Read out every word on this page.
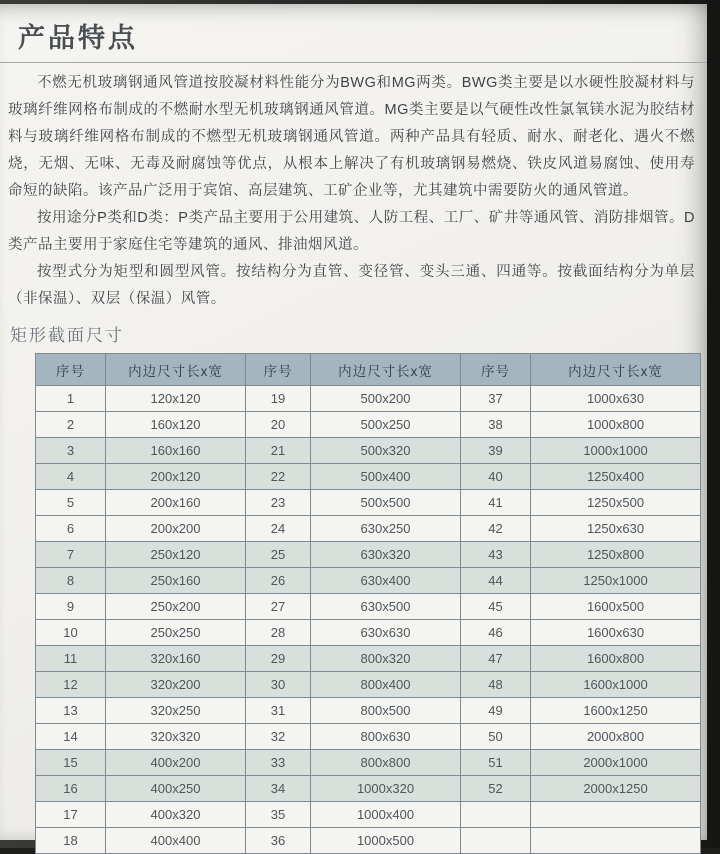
产品特点

不燃无机玻璃钢通风管道按胶凝材料性能分为BWG和MG两类。BWG类主要是以水硬性胶凝材料与玻璃纤维网格布制成的不燃耐水型无机玻璃钢通风管道。MG类主要是以气硬性改性氯氧镁水泥为胶结材料与玻璃纤维网格布制成的不燃型无机玻璃钢通风管道。两种产品具有轻质、耐水、耐老化、遇火不燃烧，无烟、无味、无毒及耐腐蚀等优点，从根本上解决了有机玻璃钢易燃烧、铁皮风道易腐蚀、使用寿命短的缺陷。该产品广泛用于宾馆、高层建筑、工矿企业等，尤其建筑中需要防火的通风管道。

按用途分P类和D类：P类产品主要用于公用建筑、人防工程、工厂、矿井等通风管、消防排烟管。D类产品主要用于家庭住宅等建筑的通风、排油烟风道。

按型式分为矩型和圆型风管。按结构分为直管、变径管、变头三通、四通等。按截面结构分为单层（非保温）、双层（保温）风管。

矩形截面尺寸
序号	内边尺寸长x宽	序号	内边尺寸长x宽	序号	内边尺寸长x宽
1	120x120	19	500x200	37	1000x630
2	160x120	20	500x250	38	1000x800
3	160x160	21	500x320	39	1000x1000
4	200x120	22	500x400	40	1250x400
5	200x160	23	500x500	41	1250x500
6	200x200	24	630x250	42	1250x630
7	250x120	25	630x320	43	1250x800
8	250x160	26	630x400	44	1250x1000
9	250x200	27	630x500	45	1600x500
10	250x250	28	630x630	46	1600x630
11	320x160	29	800x320	47	1600x800
12	320x200	30	800x400	48	1600x1000
13	320x250	31	800x500	49	1600x1250
14	320x320	32	800x630	50	2000x800
15	400x200	33	800x800	51	2000x1000
16	400x250	34	1000x320	52	2000x1250
17	400x320	35	1000x400		
18	400x400	36	1000x500		
